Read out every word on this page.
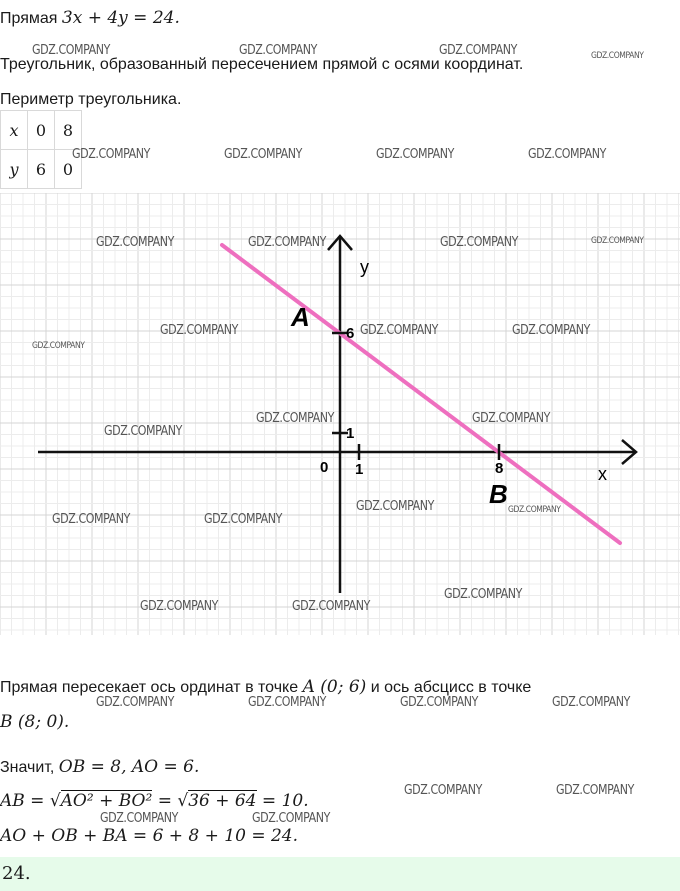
Прямая 3x + 4y = 24.
Треугольник, образованный пересечением прямой с осями координат.
Периметр треугольника.
x	0	8
y	6	0
y
x
0 1
1
6
8
A
B
Прямая пересекает ось ординат в точке A (0; 6) и ось абсцисс в точке
B (8; 0).
Значит, OB = 8, AO = 6.
AB = √AO² + BO² = √36 + 64 = 10.
AO + OB + BA = 6 + 8 + 10 = 24.
24.
GDZ.COMPANY	GDZ.COMPANY	GDZ.COMPANY	GDZ.COMPANY
GDZ.COMPANY	GDZ.COMPANY	GDZ.COMPANY	GDZ.COMPANY
GDZ.COMPANY	GDZ.COMPANY	GDZ.COMPANY	GDZ.COMPANY
GDZ.COMPANY	GDZ.COMPANY	GDZ.COMPANY
GDZ.COMPANY
GDZ.COMPANY	GDZ.COMPANY
GDZ.COMPANY
GDZ.COMPANY	GDZ.COMPANY
GDZ.COMPANY	GDZ.COMPANY
GDZ.COMPANY
GDZ.COMPANY	GDZ.COMPANY
GDZ.COMPANY	GDZ.COMPANY	GDZ.COMPANY	GDZ.COMPANY
GDZ.COMPANY	GDZ.COMPANY
GDZ.COMPANY	GDZ.COMPANY
